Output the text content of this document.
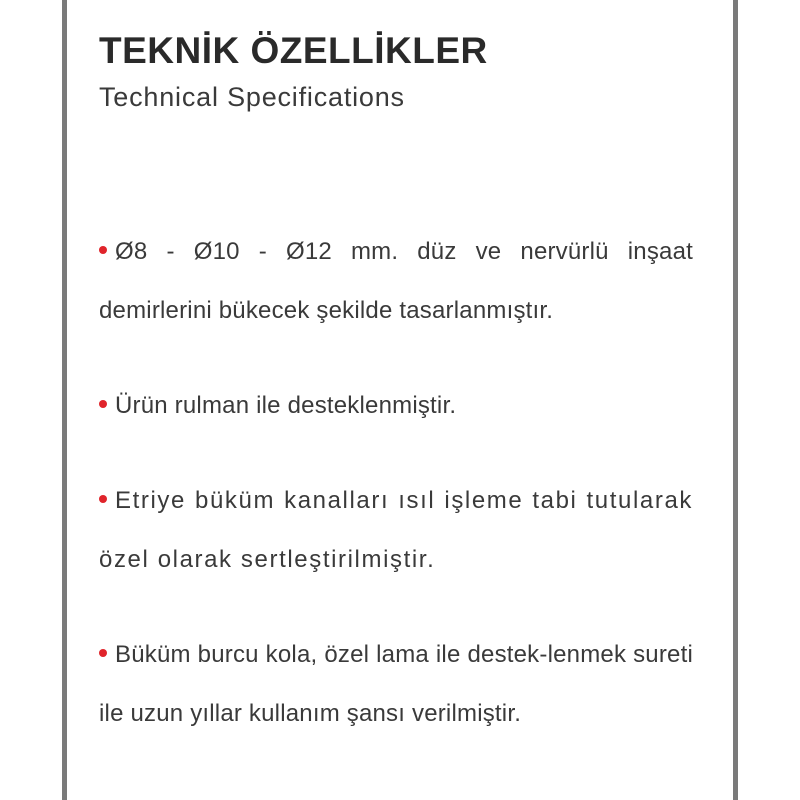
TEKNİK ÖZELLİKLER
Technical Specifications
Ø8 - Ø10 - Ø12 mm. düz ve nervürlü inşaat demirlerini bükecek şekilde tasarlanmıştır.
Ürün rulman ile desteklenmiştir.
Etriye büküm kanalları ısıl işleme tabi tutularak özel olarak sertleştirilmiştir.
Büküm burcu kola, özel lama ile destek-lenmek sureti ile uzun yıllar kullanım şansı verilmiştir.
